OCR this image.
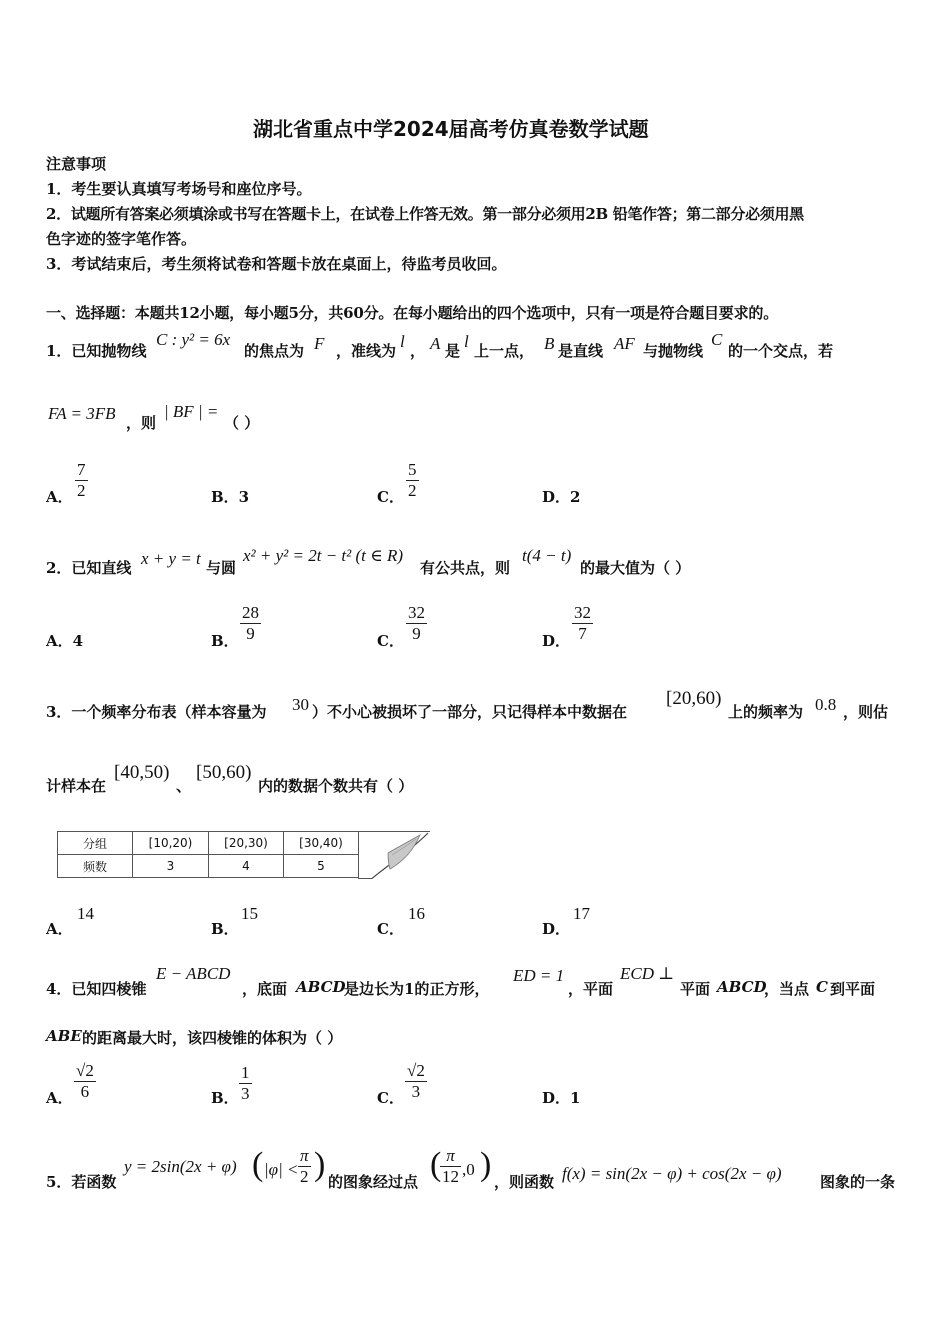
湖北省重点中学2024届高考仿真卷数学试题
注意事项
1．考生要认真填写考场号和座位序号。
2．试题所有答案必须填涂或书写在答题卡上，在试卷上作答无效。第一部分必须用2B 铅笔作答；第二部分必须用黑
色字迹的签字笔作答。
3．考试结束后，考生须将试卷和答题卡放在桌面上，待监考员收回。
一、选择题：本题共12小题，每小题5分，共60分。在每小题给出的四个选项中，只有一项是符合题目要求的。
1．已知抛物线
C : y² = 6x
的焦点为 F ，准线为 l ， A 是 l 上一点， B 是直线 AF 与抛物线
C
的一个交点，若
FA = 3FB ，则
| BF | =
（ ）
A．
7
2	B．3	C．
5
2	D．2
2．已知直线 x + y = t 与圆
x² + y² = 2t − t² (t ∈ R)
有公共点，则
t(4 − t)
的最大值为（ ）
A．4	B．
28
9	C．
32
9	D．
32
7
3．一个频率分布表（样本容量为 30 ）不小心被损坏了一部分，只记得样本中数据在
[20,60)
上的频率为 0.8 ，则估
计样本在
[40,50)
、
[50,60)
内的数据个数共有（ ）
分组	[10,20)	[20,30)	[30,40)
频数	3	4	5
A．
14
B．
15
C．
16
D．
17
4．已知四棱锥
E − ABCD
，底面 ABCD
是边长为1的正方形，
ED = 1
，平面
ECD ⊥
平面 ABCD
，当点 C 到平面
ABE 的距离最大时，该四棱锥的体积为（ ）
A．
√2
6	B．
1
3	C．
√2
3	D．1
5．若函数
y = 2sin(2x + φ) ( |φ| <
π
2 ) 的图象经过点 ( π
12 ,0 ) ，则函数 f(x) = sin(2x − φ) + cos(2x − φ)	图象的一条
